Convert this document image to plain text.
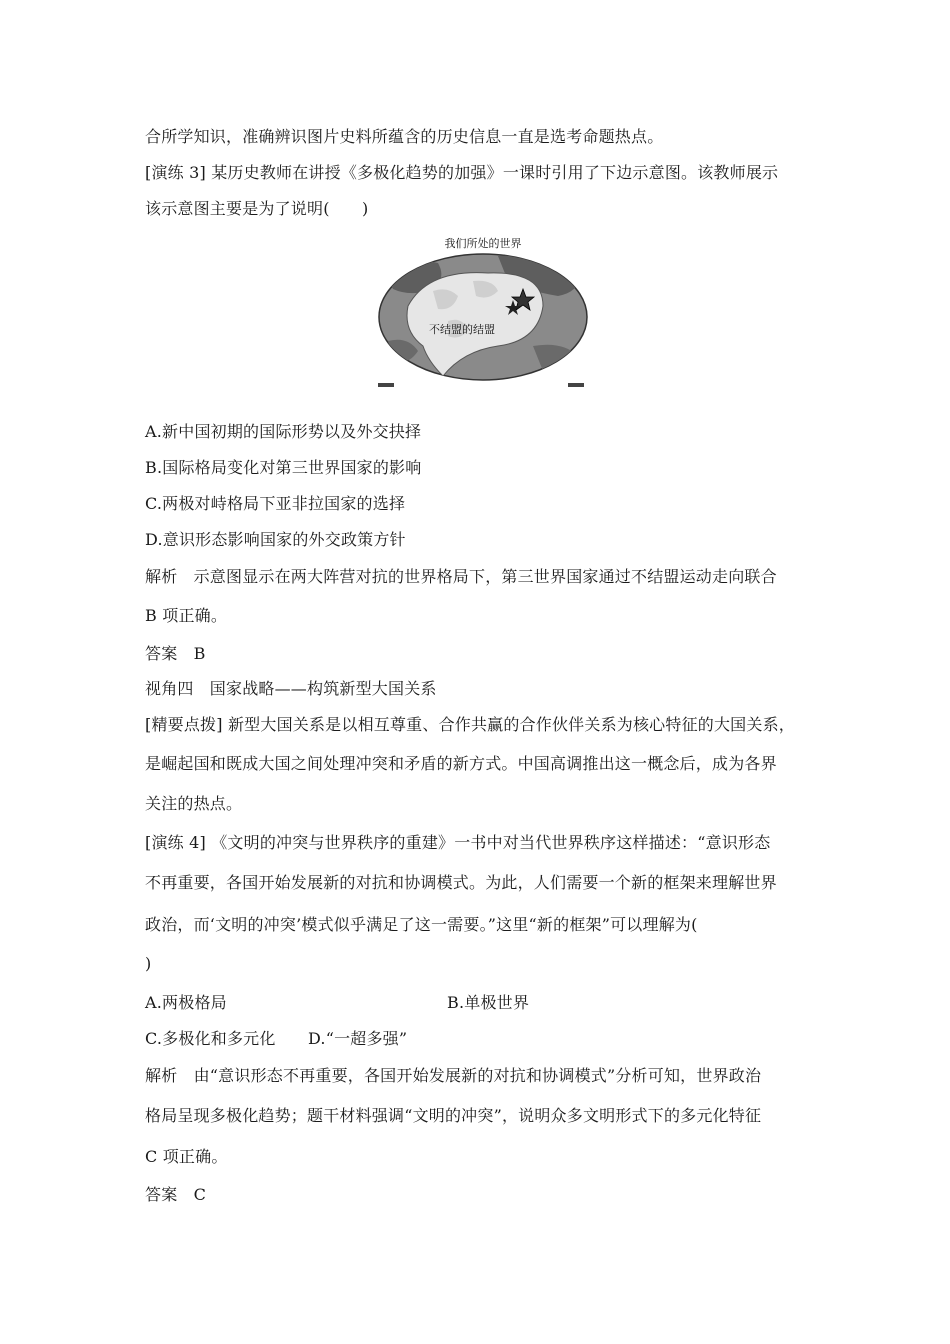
合所学知识，准确辨识图片史料所蕴含的历史信息一直是选考命题热点。
[演练 3] 某历史教师在讲授《多极化趋势的加强》一课时引用了下边示意图。该教师展示
该示意图主要是为了说明(　　)
我们所处的世界
不结盟的结盟
A.新中国初期的国际形势以及外交抉择
B.国际格局变化对第三世界国家的影响
C.两极对峙格局下亚非拉国家的选择
D.意识形态影响国家的外交政策方针
解析　示意图显示在两大阵营对抗的世界格局下，第三世界国家通过不结盟运动走向联合
B 项正确。
答案　B
视角四　国家战略——构筑新型大国关系
[精要点拨] 新型大国关系是以相互尊重、合作共赢的合作伙伴关系为核心特征的大国关系，
是崛起国和既成大国之间处理冲突和矛盾的新方式。中国高调推出这一概念后，成为各界
关注的热点。
[演练 4] 《文明的冲突与世界秩序的重建》一书中对当代世界秩序这样描述：“意识形态
不再重要，各国开始发展新的对抗和协调模式。为此，人们需要一个新的框架来理解世界
政治，而‘文明的冲突’模式似乎满足了这一需要。”这里“新的框架”可以理解为(
)
A.两极格局	B.单极世界
C.多极化和多元化　　D.“一超多强”
解析　由“意识形态不再重要，各国开始发展新的对抗和协调模式”分析可知，世界政治
格局呈现多极化趋势；题干材料强调“文明的冲突”，说明众多文明形式下的多元化特征
C 项正确。
答案　C
